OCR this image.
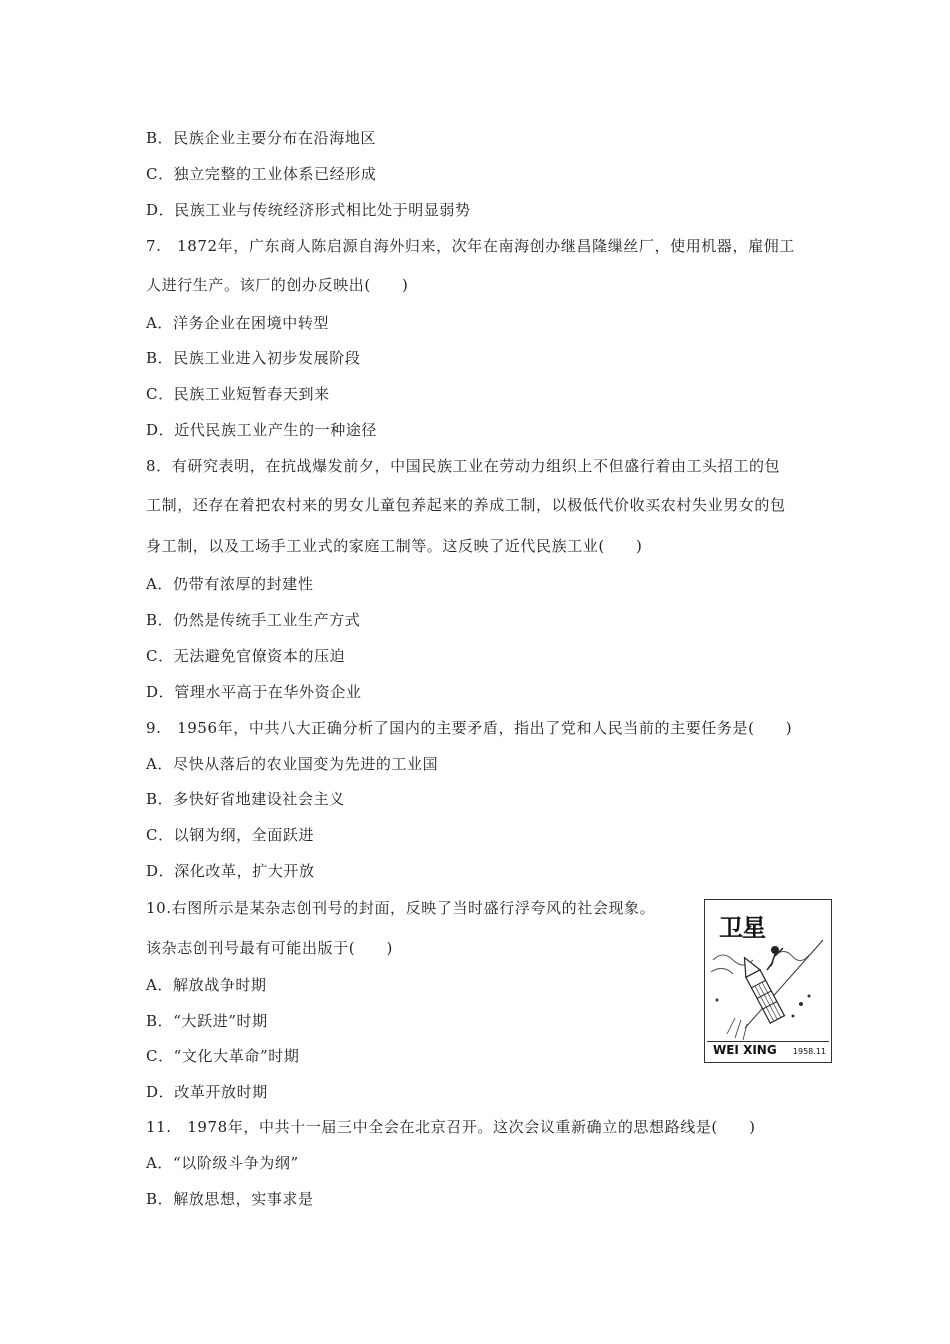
B．民族企业主要分布在沿海地区
C．独立完整的工业体系已经形成
D．民族工业与传统经济形式相比处于明显弱势
7.　1872年，广东商人陈启源自海外归来，次年在南海创办继昌隆缫丝厂，使用机器，雇佣工
人进行生产。该厂的创办反映出(　　)
A．洋务企业在困境中转型
B．民族工业进入初步发展阶段
C．民族工业短暂春天到来
D．近代民族工业产生的一种途径
8．有研究表明，在抗战爆发前夕，中国民族工业在劳动力组织上不但盛行着由工头招工的包
工制，还存在着把农村来的男女儿童包养起来的养成工制，以极低代价收买农村失业男女的包
身工制，以及工场手工业式的家庭工制等。这反映了近代民族工业(　　)
A．仍带有浓厚的封建性
B．仍然是传统手工业生产方式
C．无法避免官僚资本的压迫
D．管理水平高于在华外资企业
9.　1956年，中共八大正确分析了国内的主要矛盾，指出了党和人民当前的主要任务是(　　)
A．尽快从落后的农业国变为先进的工业国
B．多快好省地建设社会主义
C．以钢为纲，全面跃进
D．深化改革，扩大开放
10.右图所示是某杂志创刊号的封面，反映了当时盛行浮夸风的社会现象。
该杂志创刊号最有可能出版于(　　)
A．解放战争时期
B．“大跃进”时期
C．“文化大革命”时期
D．改革开放时期
11.　1978年，中共十一届三中全会在北京召开。这次会议重新确立的思想路线是(　　)
A．“以阶级斗争为纲”
B．解放思想，实事求是
卫星
WEI XING 1958.11
